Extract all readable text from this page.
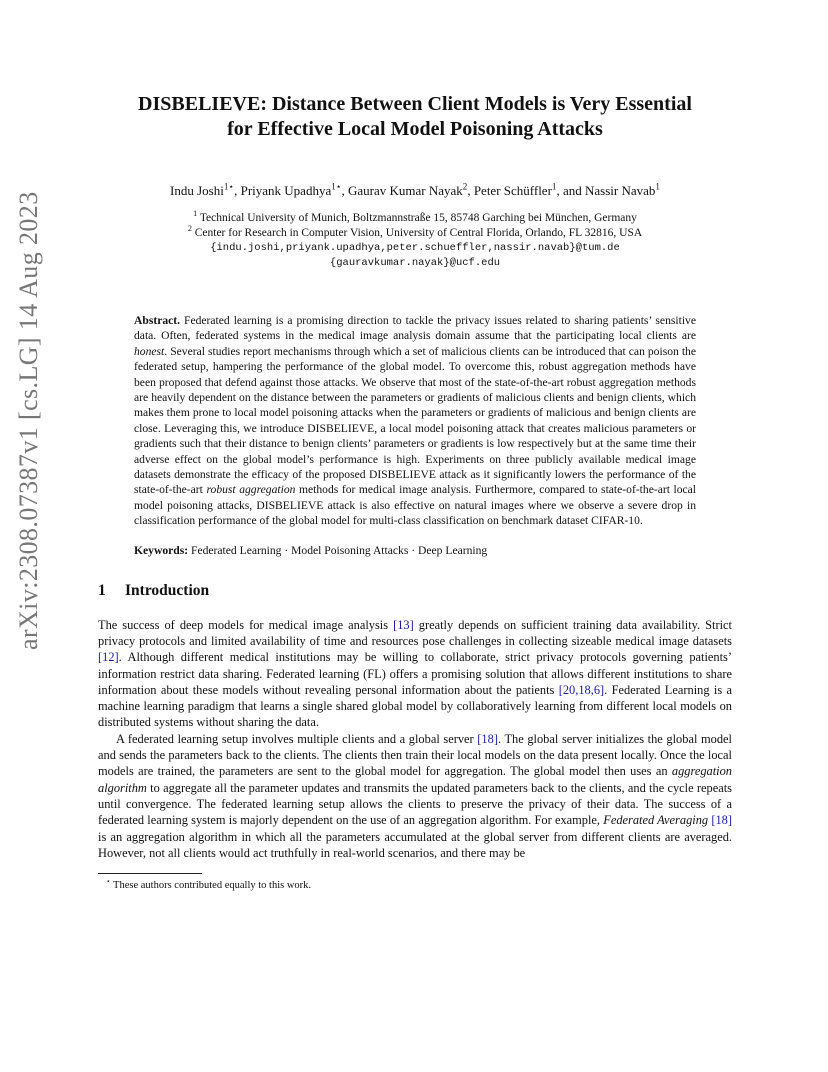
arXiv:2308.07387v1 [cs.LG] 14 Aug 2023
DISBELIEVE: Distance Between Client Models is Very Essential
for Effective Local Model Poisoning Attacks
Indu Joshi$^{1⋆}$, Priyank Upadhya$^{1⋆}$, Gaurav Kumar Nayak$^2$, Peter Schüffler$^1$, and Nassir Navab$^1$
$^1$ Technical University of Munich, Boltzmannstraße 15, 85748 Garching bei München, Germany
$^2$ Center for Research in Computer Vision, University of Central Florida, Orlando, FL 32816, USA
{indu.joshi,priyank.upadhya,peter.schueffler,nassir.navab}@tum.de
{gauravkumar.nayak}@ucf.edu
Abstract. Federated learning is a promising direction to tackle the privacy issues related to sharing patients’ sensitive data. Often, federated systems in the medical image analysis domain assume that the participating local clients are honest. Several studies report mechanisms through which a set of malicious clients can be introduced that can poison the federated setup, hampering the performance of the global model. To overcome this, robust aggregation methods have been proposed that defend against those attacks. We observe that most of the state-of-the-art robust aggregation methods are heavily dependent on the distance between the parameters or gradients of malicious clients and benign clients, which makes them prone to local model poisoning attacks when the parameters or gradients of malicious and benign clients are close. Leveraging this, we introduce DISBELIEVE, a local model poisoning attack that creates malicious parameters or gradients such that their distance to benign clients’ parameters or gradients is low respectively but at the same time their adverse effect on the global model’s performance is high. Experiments on three publicly available medical image datasets demonstrate the efficacy of the proposed DISBELIEVE attack as it significantly lowers the performance of the state-of-the-art robust aggregation methods for medical image analysis. Furthermore, compared to state-of-the-art local model poisoning attacks, DISBELIEVE attack is also effective on natural images where we observe a severe drop in classification performance of the global model for multi-class classification on benchmark dataset CIFAR-10.
Keywords: Federated Learning · Model Poisoning Attacks · Deep Learning
1 Introduction

The success of deep models for medical image analysis [13] greatly depends on sufficient training data availability. Strict privacy protocols and limited availability of time and resources pose challenges in collecting sizeable medical image datasets [12]. Although different medical institutions may be willing to collaborate, strict privacy protocols governing patients’ information restrict data sharing. Federated learning (FL) offers a promising solution that allows different institutions to share information about these models without revealing personal information about the patients [20,18,6]. Federated Learning is a machine learning paradigm that learns a single shared global model by collaboratively learning from different local models on distributed systems without sharing the data.

A federated learning setup involves multiple clients and a global server [18]. The global server initializes the global model and sends the parameters back to the clients. The clients then train their local models on the data present locally. Once the local models are trained, the parameters are sent to the global model for aggregation. The global model then uses an aggregation algorithm to aggregate all the parameter updates and transmits the updated parameters back to the clients, and the cycle repeats until convergence. The federated learning setup allows the clients to preserve the privacy of their data. The success of a federated learning system is majorly dependent on the use of an aggregation algorithm. For example, Federated Averaging [18] is an aggregation algorithm in which all the parameters accumulated at the global server from different clients are averaged. However, not all clients would act truthfully in real-world scenarios, and there may be

⋆ These authors contributed equally to this work.
